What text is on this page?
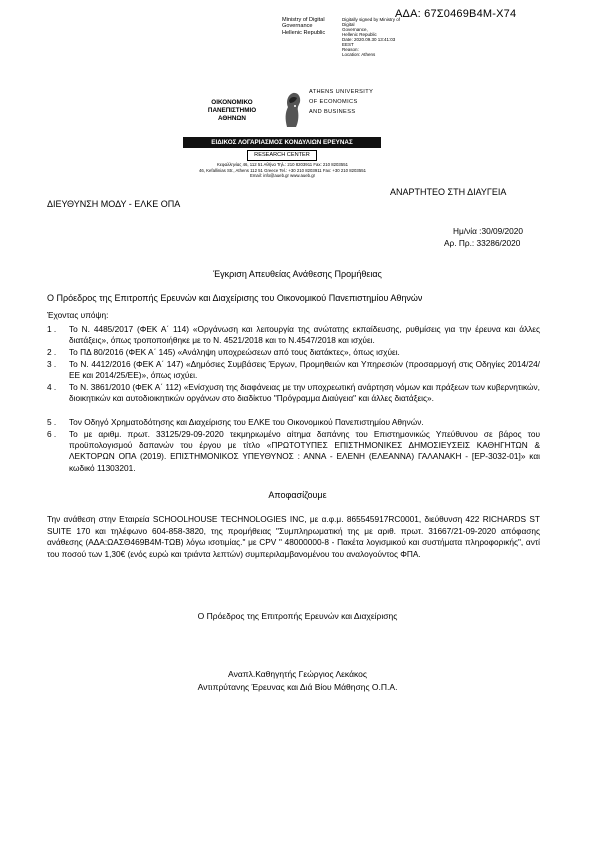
ΑΔΑ: 67Σ0469Β4Μ-Χ74
Ministry of Digital
Governance
Hellenic Republic
Digitally signed by Ministry of Digital
Governance,
Hellenic Republic
Date: 2020.09.30 13:41:03
EEST
Reason:
Location: Athens
ΟΙΚΟΝΟΜΙΚΟ
ΠΑΝΕΠΙΣΤΗΜΙΟ
ΑΘΗΝΩΝ
ATHENS UNIVERSITY
OF ECONOMICS
AND BUSINESS
ΕΙΔΙΚΟΣ ΛΟΓΑΡΙΑΣΜΟΣ ΚΟΝΔΥΛΙΩΝ ΕΡΕΥΝΑΣ
RESEARCH CENTER
Κεφαλληνίας 46, 112 51 Αθήνα Τηλ.: 210 8203911 Fax: 210 8203551
46, Kefallinias Str., Athens 112 51 Greece Tel.: +30 210 8203911 Fax: +30 210 8203551
Email: info@aueb.gr www.aueb.gr
ΑΝΑΡΤΗΤΕΟ ΣΤΗ ΔΙΑΥΓΕΙΑ
ΔΙΕΥΘΥΝΣΗ ΜΟΔΥ - ΕΛΚΕ ΟΠΑ
Ημ/νία :30/09/2020
Αρ. Πρ.: 33286/2020
Έγκριση Απευθείας Ανάθεσης Προμήθειας
Ο Πρόεδρος της Επιτροπής Ερευνών και Διαχείρισης του Οικονομικού Πανεπιστημίου Αθηνών
Έχοντας υπόψη:
1 .	Το Ν. 4485/2017 (ΦΕΚ Α΄ 114) «Οργάνωση και λειτουργία της ανώτατης εκπαίδευσης, ρυθμίσεις για την έρευνα και άλλες διατάξεις», όπως τροποποιήθηκε με το Ν. 4521/2018 και το Ν.4547/2018 και ισχύει.
2 .	Το ΠΔ 80/2016 (ΦΕΚ Α΄ 145) «Ανάληψη υποχρεώσεων από τους διατάκτες», όπως ισχύει.
3 .	Το Ν. 4412/2016 (ΦΕΚ Α΄ 147) «Δημόσιες Συμβάσεις Έργων, Προμηθειών και Υπηρεσιών (προσαρμογή στις Οδηγίες 2014/24/ΕΕ και 2014/25/ΕΕ)», όπως ισχύει.
4 .	Το Ν. 3861/2010 (ΦΕΚ Α΄ 112) «Ενίσχυση της διαφάνειας με την υποχρεωτική ανάρτηση νόμων και πράξεων των κυβερνητικών, διοικητικών και αυτοδιοικητικών οργάνων στο διαδίκτυο "Πρόγραμμα Διαύγεια" και άλλες διατάξεις».
5 .	Τον Οδηγό Χρηματοδότησης και Διαχείρισης του ΕΛΚΕ του Οικονομικού Πανεπιστημίου Αθηνών.
6 .	Το με αριθμ. πρωτ. 33125/29-09-2020 τεκμηριωμένο αίτημα δαπάνης του Επιστημονικώς Υπεύθυνου σε βάρος του προϋπολογισμού δαπανών του έργου με τίτλο «ΠΡΩΤΟΤΥΠΕΣ ΕΠΙΣΤΗΜΟΝΙΚΕΣ ΔΗΜΟΣΙΕΥΣΕΙΣ ΚΑΘΗΓΗΤΩΝ & ΛΕΚΤΟΡΩΝ ΟΠΑ (2019). ΕΠΙΣΤΗΜΟΝΙΚΟΣ ΥΠΕΥΘΥΝΟΣ : ΑΝΝΑ - ΕΛΕΝΗ (ΕΛΕΑΝΝΑ) ΓΑΛΑΝΑΚΗ - [ΕΡ-3032-01]» και κωδικό 11303201.
Αποφασίζουμε
Την ανάθεση στην Εταιρεία SCHOOLHOUSE TECHNOLOGIES INC, με α.φ.μ. 865545917RC0001, διεύθυνση 422 RICHARDS ST SUITE 170 και τηλέφωνο 604-858-3820, της προμήθειας "Συμπληρωματική της με αριθ. πρωτ. 31667/21-09-2020 απόφασης ανάθεσης (ΑΔΑ:ΩΑΣΘ469Β4Μ-ΤΩΒ) λόγω ισοτιμίας." με CPV " 48000000-8 - Πακέτα λογισμικού και συστήματα πληροφορικής", αντί του ποσού των 1,30€ (ενός ευρώ και τριάντα λεπτών) συμπεριλαμβανομένου του αναλογούντος ΦΠΑ.
Ο Πρόεδρος της Επιτροπής Ερευνών και Διαχείρισης
Αναπλ.Καθηγητής Γεώργιος Λεκάκος
Αντιπρύτανης Έρευνας και Διά Βίου Μάθησης Ο.Π.Α.
